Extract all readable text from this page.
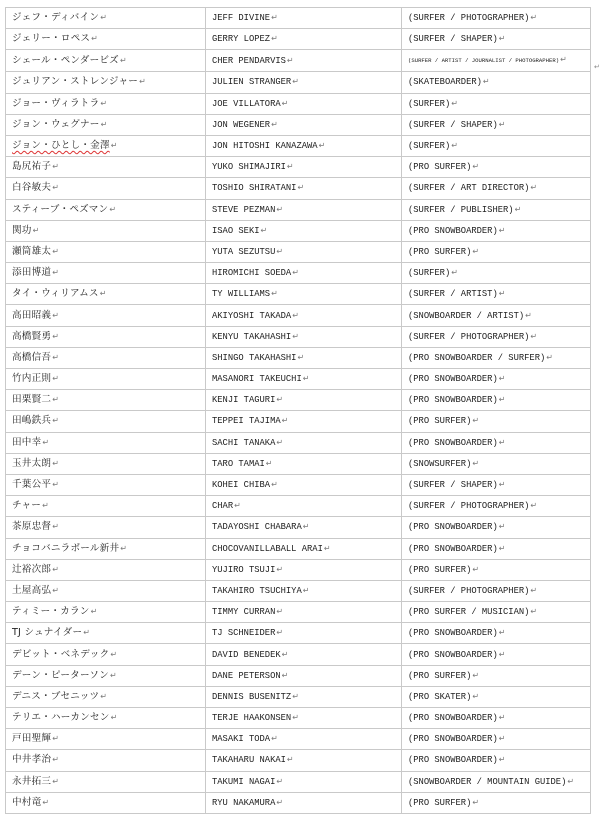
ジェフ・ディバイン↵	JEFF DIVINE↵	(SURFER / PHOTOGRAPHER)↵
ジェリー・ロペス↵	GERRY LOPEZ↵	(SURFER / SHAPER)↵
シェール・ペンダービズ↵	CHER PENDARVIS↵	(SURFER / ARTIST / JOURNALIST / PHOTOGRAPHER)↵
ジュリアン・ストレンジャー↵	JULIEN STRANGER↵	(SKATEBOARDER)↵
ジョー・ヴィラトラ↵	JOE VILLATORA↵	(SURFER)↵
ジョン・ウェグナー↵	JON WEGENER↵	(SURFER / SHAPER)↵
ジョン・ひとし・金澤↵	JON HITOSHI KANAZAWA↵	(SURFER)↵
島尻祐子↵	YUKO SHIMAJIRI↵	(PRO SURFER)↵
白谷敏夫↵	TOSHIO SHIRATANI↵	(SURFER / ART DIRECTOR)↵
スティーブ・ペズマン↵	STEVE PEZMAN↵	(SURFER / PUBLISHER)↵
関功↵	ISAO SEKI↵	(PRO SNOWBOARDER)↵
瀬筒雄太↵	YUTA SEZUTSU↵	(PRO SURFER)↵
添田博道↵	HIROMICHI SOEDA↵	(SURFER)↵
タイ・ウィリアムス↵	TY WILLIAMS↵	(SURFER / ARTIST)↵
高田昭義↵	AKIYOSHI TAKADA↵	(SNOWBOARDER / ARTIST)↵
高橋賢勇↵	KENYU TAKAHASHI↵	(SURFER / PHOTOGRAPHER)↵
高橋信吾↵	SHINGO TAKAHASHI↵	(PRO SNOWBOARDER / SURFER)↵
竹内正則↵	MASANORI TAKEUCHI↵	(PRO SNOWBOARDER)↵
田栗賢二↵	KENJI TAGURI↵	(PRO SNOWBOARDER)↵
田嶋鉄兵↵	TEPPEI TAJIMA↵	(PRO SURFER)↵
田中幸↵	SACHI TANAKA↵	(PRO SNOWBOARDER)↵
玉井太朗↵	TARO TAMAI↵	(SNOWSURFER)↵
千葉公平↵	KOHEI CHIBA↵	(SURFER / SHAPER)↵
チャー↵	CHAR↵	(SURFER / PHOTOGRAPHER)↵
茶原忠督↵	TADAYOSHI CHABARA↵	(PRO SNOWBOARDER)↵
チョコバニラボール新井↵	CHOCOVANILLABALL ARAI↵	(PRO SNOWBOARDER)↵
辻裕次郎↵	YUJIRO TSUJI↵	(PRO SURFER)↵
土屋高弘↵	TAKAHIRO TSUCHIYA↵	(SURFER / PHOTOGRAPHER)↵
ティミー・カラン↵	TIMMY CURRAN↵	(PRO SURFER / MUSICIAN)↵
TJ シュナイダー↵	TJ SCHNEIDER↵	(PRO SNOWBOARDER)↵
デビット・ベネデック↵	DAVID BENEDEK↵	(PRO SNOWBOARDER)↵
デーン・ピーターソン↵	DANE PETERSON↵	(PRO SURFER)↵
デニス・ブセニッツ↵	DENNIS BUSENITZ↵	(PRO SKATER)↵
テリエ・ハーカンセン↵	TERJE HAAKONSEN↵	(PRO SNOWBOARDER)↵
戸田聖輝↵	MASAKI TODA↵	(PRO SNOWBOARDER)↵
中井孝治↵	TAKAHARU NAKAI↵	(PRO SNOWBOARDER)↵
永井拓三↵	TAKUMI NAGAI↵	(SNOWBOARDER / MOUNTAIN GUIDE)↵
中村竜↵	RYU NAKAMURA↵	(PRO SURFER)↵
↵
